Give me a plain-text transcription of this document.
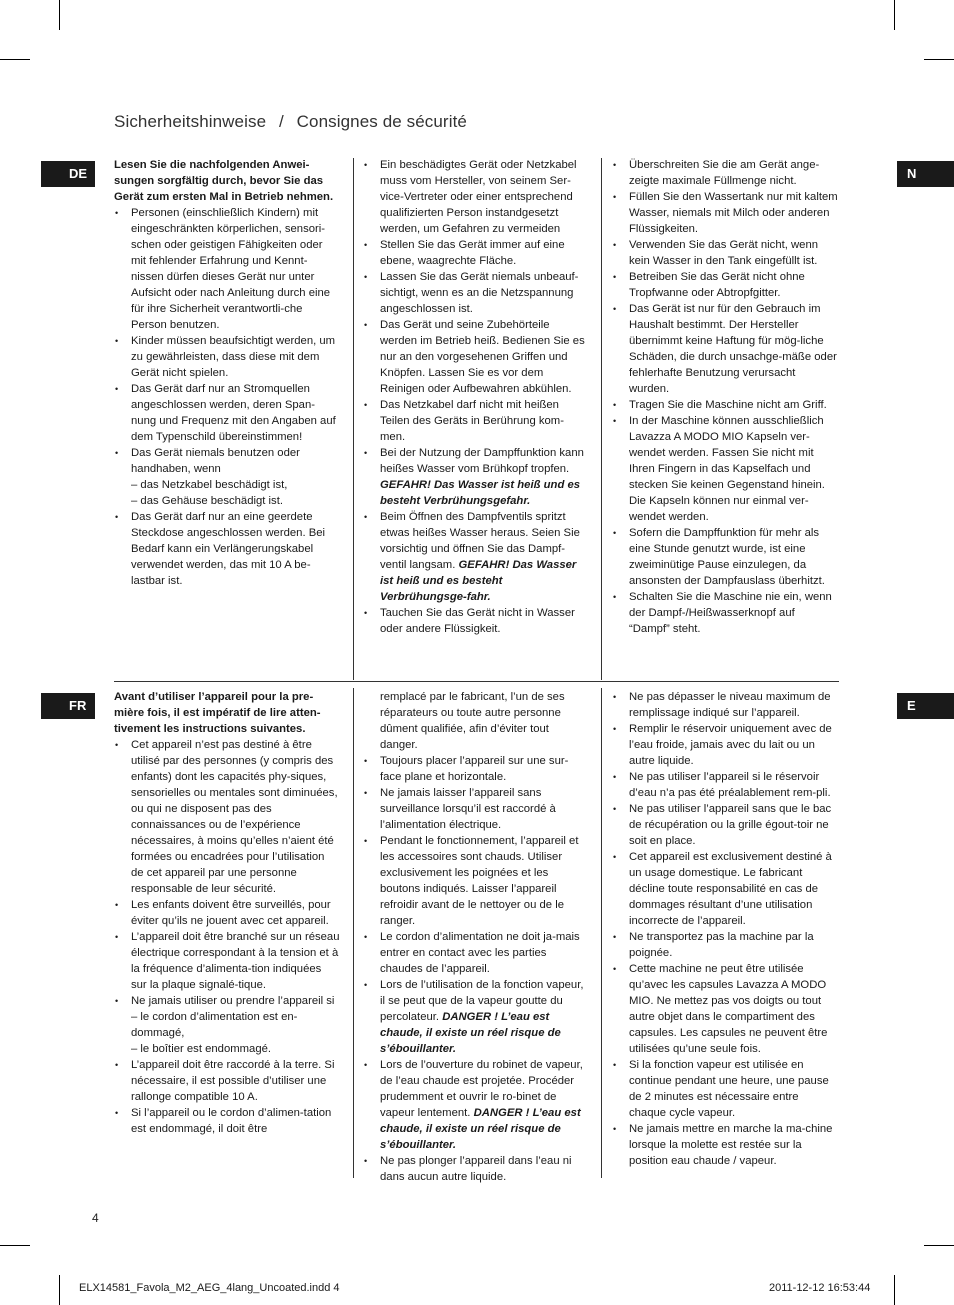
Sicherheitshinweise / Consignes de sécurité
DE	N
FR	E

Lesen Sie die nachfolgenden Anwei-sungen sorgfältig durch, bevor Sie das Gerät zum ersten Mal in Betrieb nehmen.

• Personen (einschließlich Kindern) mit eingeschränkten körperlichen, sensori-schen oder geistigen Fähigkeiten oder mit fehlender Erfahrung und Kennt-nissen dürfen dieses Gerät nur unter Aufsicht oder nach Anleitung durch eine für ihre Sicherheit verantwortli-che Person benutzen.
• Kinder müssen beaufsichtigt werden, um zu gewährleisten, dass diese mit dem Gerät nicht spielen.
• Das Gerät darf nur an Stromquellen angeschlossen werden, deren Span-nung und Frequenz mit den Angaben auf dem Typenschild übereinstimmen!
• Das Gerät niemals benutzen oder handhaben, wenn
– das Netzkabel beschädigt ist,
– das Gehäuse beschädigt ist.
• Das Gerät darf nur an eine geerdete Steckdose angeschlossen werden. Bei Bedarf kann ein Verlängerungskabel verwendet werden, das mit 10 A be-lastbar ist.
• Ein beschädigtes Gerät oder Netzkabel muss vom Hersteller, von seinem Ser-vice-Vertreter oder einer entsprechend qualifizierten Person instandgesetzt werden, um Gefahren zu vermeiden
• Stellen Sie das Gerät immer auf eine ebene, waagrechte Fläche.
• Lassen Sie das Gerät niemals unbeauf-sichtigt, wenn es an die Netzspannung angeschlossen ist.
• Das Gerät und seine Zubehörteile werden im Betrieb heiß. Bedienen Sie es nur an den vorgesehenen Griffen und Knöpfen. Lassen Sie es vor dem Reinigen oder Aufbewahren abkühlen.
• Das Netzkabel darf nicht mit heißen Teilen des Geräts in Berührung kom-men.
• Bei der Nutzung der Dampffunktion kann heißes Wasser vom Brühkopf tropfen. GEFAHR! Das Wasser ist heiß und es besteht Verbrühungsgefahr.
• Beim Öffnen des Dampfventils spritzt etwas heißes Wasser heraus. Seien Sie vorsichtig und öffnen Sie das Dampf-ventil langsam. GEFAHR! Das Wasser ist heiß und es besteht Verbrühungsge-fahr.
• Tauchen Sie das Gerät nicht in Wasser oder andere Flüssigkeit.
• Überschreiten Sie die am Gerät ange-zeigte maximale Füllmenge nicht.
• Füllen Sie den Wassertank nur mit kaltem Wasser, niemals mit Milch oder anderen Flüssigkeiten.
• Verwenden Sie das Gerät nicht, wenn kein Wasser in den Tank eingefüllt ist.
• Betreiben Sie das Gerät nicht ohne Tropfwanne oder Abtropfgitter.
• Das Gerät ist nur für den Gebrauch im Haushalt bestimmt. Der Hersteller übernimmt keine Haftung für mög-liche Schäden, die durch unsachge-mäße oder fehlerhafte Benutzung verursacht wurden.
• Tragen Sie die Maschine nicht am Griff.
• In der Maschine können ausschließlich Lavazza A MODO MIO Kapseln ver-wendet werden. Fassen Sie nicht mit Ihren Fingern in das Kapselfach und stecken Sie keinen Gegenstand hinein. Die Kapseln können nur einmal ver-wendet werden.
• Sofern die Dampffunktion für mehr als eine Stunde genutzt wurde, ist eine zweiminütige Pause einzulegen, da ansonsten der Dampfauslass überhitzt.
• Schalten Sie die Maschine nie ein, wenn der Dampf-/Heißwasserknopf auf “Dampf” steht.

Avant d’utiliser l’appareil pour la pre-mière fois, il est impératif de lire atten-tivement les instructions suivantes.

• Cet appareil n’est pas destiné à être utilisé par des personnes (y compris des enfants) dont les capacités phy-siques, sensorielles ou mentales sont diminuées, ou qui ne disposent pas des connaissances ou de l’expérience nécessaires, à moins qu’elles n’aient été formées ou encadrées pour l’utilisation de cet appareil par une personne responsable de leur sécurité.
• Les enfants doivent être surveillés, pour éviter qu’ils ne jouent avec cet appareil.
• L’appareil doit être branché sur un réseau électrique correspondant à la tension et à la fréquence d’alimenta-tion indiquées sur la plaque signalé-tique.
• Ne jamais utiliser ou prendre l’appareil si
– le cordon d’alimentation est en-dommagé,
– le boîtier est endommagé.
• L’appareil doit être raccordé à la terre. Si nécessaire, il est possible d’utiliser une rallonge compatible 10 A.
• Si l’appareil ou le cordon d’alimen-tation est endommagé, il doit être
remplacé par le fabricant, l’un de ses réparateurs ou toute autre personne dûment qualifiée, afin d’éviter tout danger.
• Toujours placer l’appareil sur une sur-face plane et horizontale.
• Ne jamais laisser l’appareil sans surveillance lorsqu’il est raccordé à l’alimentation électrique.
• Pendant le fonctionnement, l’appareil et les accessoires sont chauds. Utiliser exclusivement les poignées et les boutons indiqués. Laisser l’appareil refroidir avant de le nettoyer ou de le ranger.
• Le cordon d’alimentation ne doit ja-mais entrer en contact avec les parties chaudes de l’appareil.
• Lors de l’utilisation de la fonction vapeur, il se peut que de la vapeur goutte du percolateur. DANGER ! L’eau est chaude, il existe un réel risque de s’ébouillanter.
• Lors de l’ouverture du robinet de vapeur, de l’eau chaude est projetée. Procéder prudemment et ouvrir le ro-binet de vapeur lentement. DANGER ! L’eau est chaude, il existe un réel risque de s’ébouillanter.
• Ne pas plonger l’appareil dans l’eau ni dans aucun autre liquide.
• Ne pas dépasser le niveau maximum de remplissage indiqué sur l’appareil.
• Remplir le réservoir uniquement avec de l’eau froide, jamais avec du lait ou un autre liquide.
• Ne pas utiliser l’appareil si le réservoir d’eau n’a pas été préalablement rem-pli.
• Ne pas utiliser l’appareil sans que le bac de récupération ou la grille égout-toir ne soit en place.
• Cet appareil est exclusivement destiné à un usage domestique. Le fabricant décline toute responsabilité en cas de dommages résultant d’une utilisation incorrecte de l’appareil.
• Ne transportez pas la machine par la poignée.
• Cette machine ne peut être utilisée qu’avec les capsules Lavazza A MODO MIO. Ne mettez pas vos doigts ou tout autre objet dans le compartiment des capsules. Les capsules ne peuvent être utilisées qu’une seule fois.
• Si la fonction vapeur est utilisée en continue pendant une heure, une pause de 2 minutes est nécessaire entre chaque cycle vapeur.
• Ne jamais mettre en marche la ma-chine lorsque la molette est restée sur la position eau chaude / vapeur.
4
ELX14581_Favola_M2_AEG_4lang_Uncoated.indd 4	2011-12-12 16:53:44
